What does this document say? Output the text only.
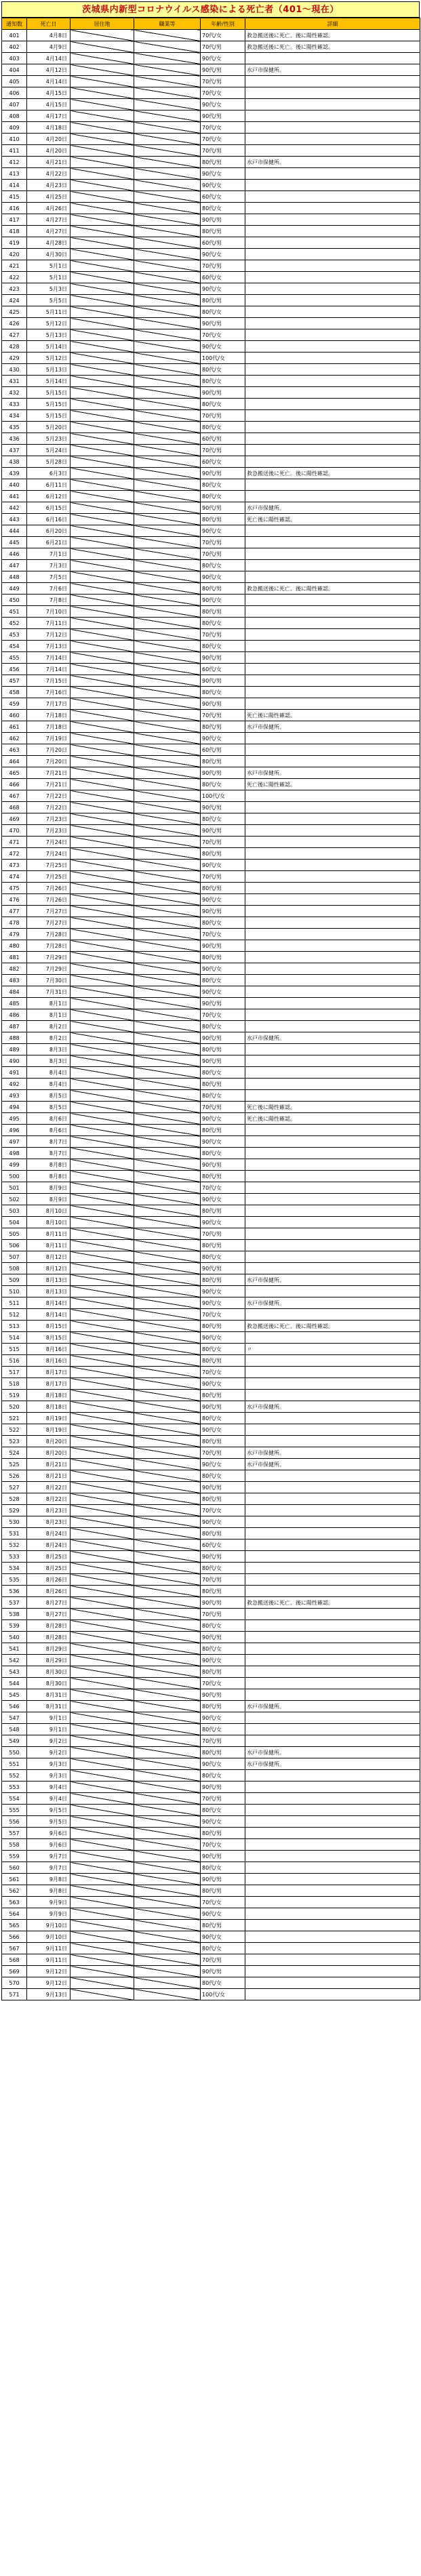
茨城県内新型コロナウイルス感染による死亡者（401〜現在）
通知数	死亡日	居住地	職業等	年齢/性別	詳細
401	4月8日			70代/女	救急搬送後に死亡。後に陽性確認。
402	4月9日			70代/男	救急搬送後に死亡。後に陽性確認。
403	4月14日			90代/女	
404	4月12日			90代/男	水戸市保健所。
405	4月14日			70代/男	
406	4月15日			70代/女	
407	4月15日			90代/女	
408	4月17日			90代/男	
409	4月18日			70代/女	
410	4月20日			70代/女	
411	4月20日			70代/男	
412	4月21日			80代/男	水戸市保健所。
413	4月22日			90代/女	
414	4月23日			90代/女	
415	4月25日			60代/女	
416	4月26日			80代/女	
417	4月27日			90代/男	
418	4月27日			80代/男	
419	4月28日			60代/男	
420	4月30日			90代/女	
421	5月1日			70代/男	
422	5月1日			60代/女	
423	5月3日			90代/女	
424	5月5日			80代/男	
425	5月11日			80代/女	
426	5月12日			90代/男	
427	5月13日			70代/女	
428	5月14日			90代/女	
429	5月12日			100代/女	
430	5月13日			80代/女	
431	5月14日			80代/女	
432	5月15日			90代/男	
433	5月15日			80代/女	
434	5月15日			70代/男	
435	5月20日			80代/女	
436	5月23日			60代/男	
437	5月24日			70代/男	
438	5月28日			60代/女	
439	6月3日			90代/男	救急搬送後に死亡。後に陽性確認。
440	6月11日			80代/女	
441	6月12日			80代/女	
442	6月15日			90代/男	水戸市保健所。
443	6月16日			80代/男	死亡後に陽性確認。
444	6月20日			90代/女	
445	6月21日			70代/男	
446	7月1日			70代/男	
447	7月3日			80代/女	
448	7月5日			90代/女	
449	7月6日			80代/男	救急搬送後に死亡。後に陽性確認。
450	7月8日			90代/女	
451	7月10日			80代/男	
452	7月11日			80代/女	
453	7月12日			70代/男	
454	7月13日			80代/女	
455	7月14日			90代/男	
456	7月14日			60代/女	
457	7月15日			90代/男	
458	7月16日			80代/女	
459	7月17日			90代/男	
460	7月18日			70代/男	死亡後に陽性確認。
461	7月18日			80代/男	水戸市保健所。
462	7月19日			90代/女	
463	7月20日			60代/男	
464	7月20日			80代/男	
465	7月21日			90代/男	水戸市保健所。
466	7月21日			80代/女	死亡後に陽性確認。
467	7月22日			100代/女	
468	7月22日			90代/男	
469	7月23日			80代/女	
470	7月23日			90代/男	
471	7月24日			70代/男	
472	7月24日			80代/男	
473	7月25日			90代/女	
474	7月25日			70代/男	
475	7月26日			80代/男	
476	7月26日			90代/女	
477	7月27日			90代/男	
478	7月27日			80代/女	
479	7月28日			70代/女	
480	7月28日			90代/男	
481	7月29日			80代/男	
482	7月29日			90代/女	
483	7月30日			80代/女	
484	7月31日			90代/女	
485	8月1日			90代/男	
486	8月1日			70代/女	
487	8月2日			80代/女	
488	8月2日			90代/男	水戸市保健所。
489	8月3日			80代/男	
490	8月3日			90代/男	
491	8月4日			80代/女	
492	8月4日			80代/男	
493	8月5日			80代/女	
494	8月5日			70代/男	死亡後に陽性確認。
495	8月6日			90代/女	死亡後に陽性確認。
496	8月6日			80代/男	
497	8月7日			90代/女	
498	8月7日			80代/女	
499	8月8日			90代/男	
500	8月8日			80代/男	
501	8月9日			70代/女	
502	8月9日			90代/女	
503	8月10日			80代/男	
504	8月10日			90代/女	
505	8月11日			70代/男	
506	8月11日			80代/男	
507	8月12日			80代/女	
508	8月12日			90代/男	
509	8月13日			80代/男	水戸市保健所。
510	8月13日			90代/女	
511	8月14日			90代/女	水戸市保健所。
512	8月14日			70代/女	
513	8月15日			80代/男	救急搬送後に死亡。後に陽性確認。
514	8月15日			90代/女	
515	8月16日			80代/女	〃
516	8月16日			80代/男	
517	8月17日			70代/女	
518	8月17日			90代/女	
519	8月18日			80代/男	
520	8月18日			90代/男	水戸市保健所。
521	8月19日			80代/女	
522	8月19日			90代/女	
523	8月20日			80代/男	
524	8月20日			70代/男	水戸市保健所。
525	8月21日			90代/女	水戸市保健所。
526	8月21日			80代/女	
527	8月22日			90代/男	
528	8月22日			80代/男	
529	8月23日			70代/女	
530	8月23日			90代/女	
531	8月24日			80代/男	
532	8月24日			60代/女	
533	8月25日			90代/男	
534	8月25日			80代/女	
535	8月26日			70代/男	
536	8月26日			80代/男	
537	8月27日			90代/男	救急搬送後に死亡。後に陽性確認。
538	8月27日			70代/男	
539	8月28日			80代/女	
540	8月28日			90代/男	
541	8月29日			80代/女	
542	8月29日			90代/女	
543	8月30日			80代/男	
544	8月30日			70代/女	
545	8月31日			90代/男	
546	8月31日			80代/男	水戸市保健所。
547	9月1日			90代/女	
548	9月1日			80代/女	
549	9月2日			70代/男	
550	9月2日			80代/男	水戸市保健所。
551	9月3日			90代/女	水戸市保健所。
552	9月3日			80代/女	
553	9月4日			90代/男	
554	9月4日			70代/男	
555	9月5日			80代/女	
556	9月5日			90代/女	
557	9月6日			80代/男	
558	9月6日			70代/女	
559	9月7日			90代/男	
560	9月7日			80代/女	
561	9月8日			90代/男	
562	9月8日			80代/男	
563	9月9日			70代/女	
564	9月9日			90代/女	
565	9月10日			80代/男	
566	9月10日			90代/女	
567	9月11日			80代/女	
568	9月11日			70代/男	
569	9月12日			90代/男	
570	9月12日			80代/女	
571	9月13日			100代/女	
